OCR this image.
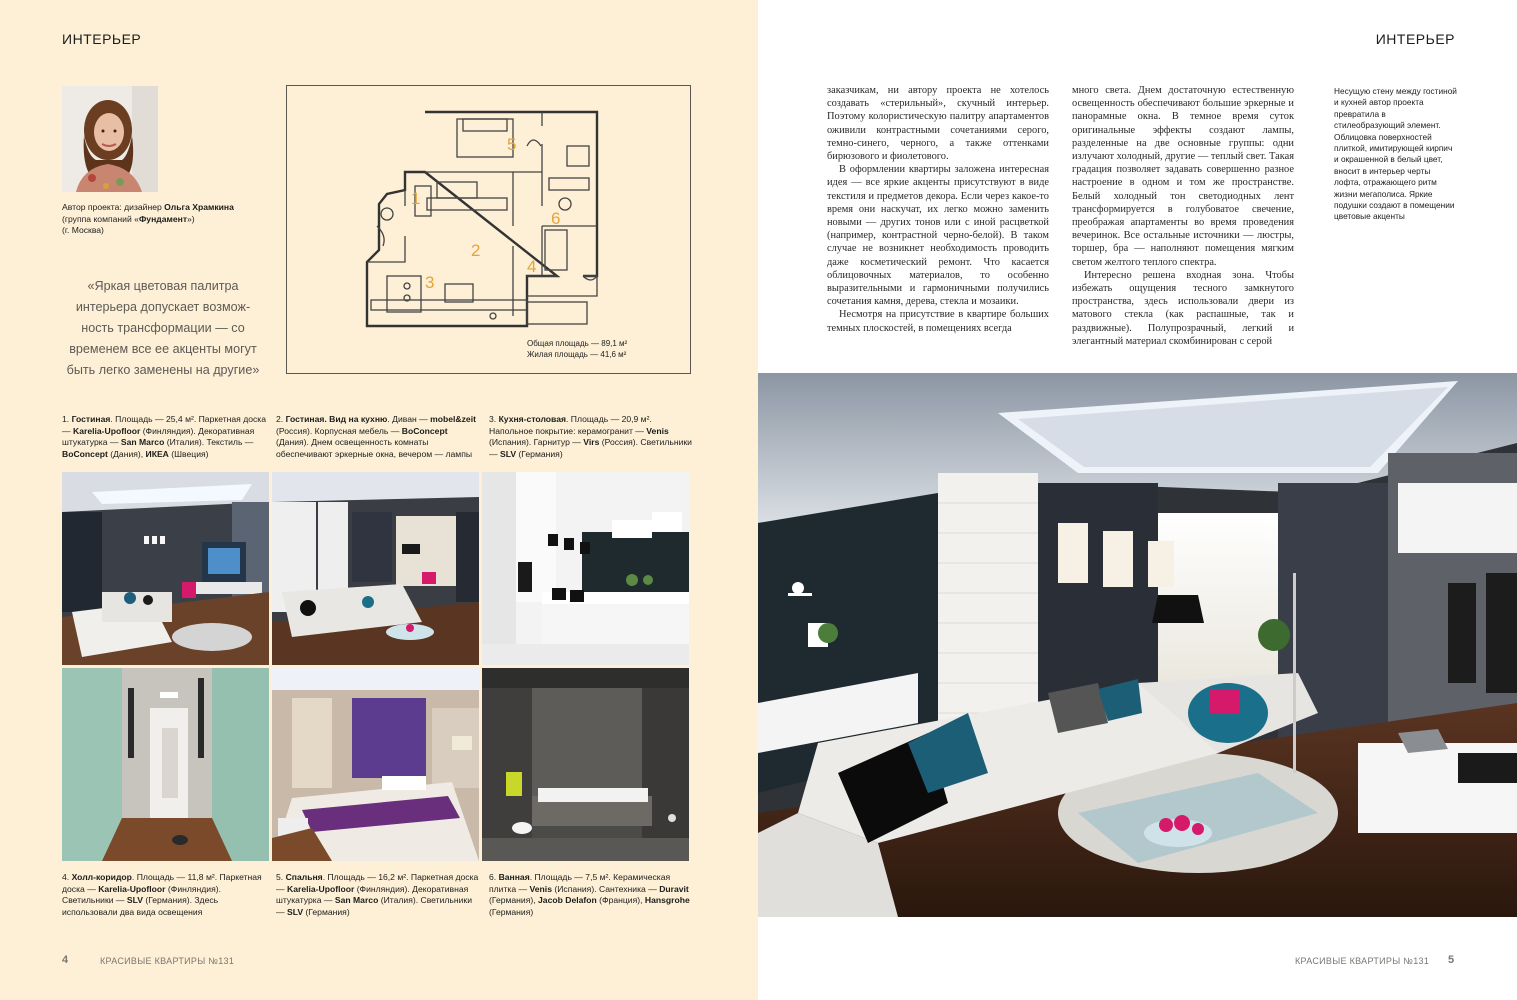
ИНТЕРЬЕР
Автор проекта: дизайнер Ольга Храмкина
(группа компаний «Фундамент»)
(г. Москва)
«Яркая цветовая палитра интерьера допускает возмож-ность трансформации — со временем все ее акценты могут быть легко заменены на другие»
1
2
3
4
5
6
Общая площадь — 89,1 м²
Жилая площадь — 41,6 м²
1. Гостиная. Площадь — 25,4 м². Паркетная доска — Karelia-Upofloor (Финляндия). Декоративная штукатурка — San Marco (Италия). Текстиль — BoConcept (Дания), ИКЕА (Швеция)
2. Гостиная. Вид на кухню. Диван — mobel&zeit (Россия). Корпусная мебель — BoConcept (Дания). Днем освещенность комнаты обеспечивают эркерные окна, вечером — лампы
3. Кухня-столовая. Площадь — 20,9 м². Напольное покрытие: керамогранит — Venis (Испания). Гарнитур — Virs (Россия). Светильники — SLV (Германия)
4. Холл-коридор. Площадь — 11,8 м². Паркетная доска — Karelia-Upofloor (Финляндия). Светильники — SLV (Германия). Здесь использовали два вида освещения
5. Спальня. Площадь — 16,2 м². Паркетная доска — Karelia-Upofloor (Финляндия). Декоративная штукатурка — San Marco (Италия). Светильники — SLV (Германия)
6. Ванная. Площадь — 7,5 м². Керамическая плитка — Venis (Испания). Сантехника — Duravit (Германия), Jacob Delafon (Франция), Hansgrohe (Германия)
4	КРАСИВЫЕ КВАРТИРЫ №131
ИНТЕРЬЕР

заказчикам, ни автору проекта не хотелось создавать «стерильный», скучный интерьер. Поэтому колористическую палитру апартаментов оживили контрастными сочетаниями серого, темно-синего, черного, а также оттенками бирюзового и фиолетового.

В оформлении квартиры заложена интересная идея — все яркие акценты присутствуют в виде текстиля и предметов декора. Если через какое-то время они наскучат, их легко можно заменить новыми — других тонов или с иной расцветкой (например, контрастной черно-белой). В таком случае не возникнет необходимость проводить даже косметический ремонт. Что касается облицовочных материалов, то особенно выразительными и гармоничными получились сочетания камня, дерева, стекла и мозаики.

Несмотря на присутствие в квартире больших темных плоскостей, в помещениях всегда

много света. Днем достаточную естественную освещенность обеспечивают большие эркерные и панорамные окна. В темное время суток оригинальные эффекты создают лампы, разделенные на две основные группы: одни излучают холодный, другие — теплый свет. Такая градация позволяет задавать совершенно разное настроение в одном и том же пространстве. Белый холодный тон светодиодных лент трансформируется в голубоватое свечение, преображая апартаменты во время проведения вечеринок. Все остальные источники — люстры, торшер, бра — наполняют помещения мягким светом желтого теплого спектра.

Интересно решена входная зона. Чтобы избежать ощущения тесного замкнутого пространства, здесь использовали двери из матового стекла (как распашные, так и раздвижные). Полупрозрачный, легкий и элегантный материал скомбинирован с серой

Несущую стену между гостиной и кухней автор проекта превратила в стилеобразующий элемент. Облицовка поверхностей плиткой, имитирующей кирпич и окрашенной в белый цвет, вносит в интерьер черты лофта, отражающего ритм жизни мегаполиса. Яркие подушки создают в помещении цветовые акценты
КРАСИВЫЕ КВАРТИРЫ №131 5
